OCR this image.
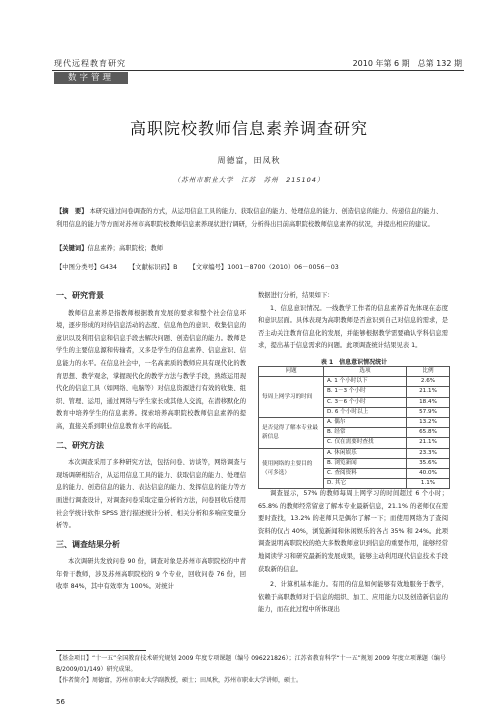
现代远程教育研究	2010 年第 6 期　总第 132 期
数字管理
高职院校教师信息素养调查研究
周德富，田凤秋
（苏州市职业大学　江苏　苏州　215104）
【摘　要】 本研究通过问卷调查的方式，从运用信息工具的能力、获取信息的能力、处理信息的能力、创造信息的能力、传递信息的能力、利用信息的能力等方面对苏州市高职院校教师信息素养现状进行调研，分析得出目前高职院校教师信息素养的状况，并提出相应的建议。
【关键词】信息素养；高职院校；教师
【中图分类号】G434 【文献标识码】B 【文章编号】1001－8700（2010）06－0056－03
一、研究背景

教师信息素养是指教师根据教育发展的要求和整个社会信息环境，逐步形成的对待信息活动的态度、信息角色的意识、收集信息的意识以及利用信息和信息手段去解决问题、创造信息的能力。教师是学生的主要信息源和传输者，又多是学生的信息素养、信息意识、信息能力的水平。在信息社会中，一名高素质的教师应具有现代化的教育思想、教学观念，掌握现代化的教学方法与教学手段，熟练运用现代化的信息工具（如网络、电脑等）对信息资源进行有效的收集、组织、管理、运用，通过网络与学生家长或其他人交流，在潜移默化的教育中培养学生的信息素养。探索培养高职院校教师信息素养的提高，直接关系到职业信息教育水平的高低。

二、研究方法

本次调查采用了多种研究方法，包括问卷、访谈等，网络调查与现场调研相结合，从运用信息工具的能力、获取信息的能力、处理信息的能力、创造信息的能力、表达信息的能力、发挥信息的能力等方面进行调查设计，对调查问卷采取定量分析的方法，问卷回收后使用社会学统计软件 SPSS 进行描述统计分析、相关分析和多响应变量分析等。

三、调查结果分析

本次调研共发放问卷 90 份，调查对象是苏州市高职院校的中青年骨干教师，涉及苏州高职院校的 9 个专业，回收问卷 76 份，回收率 84%，其中有效率为 100%。对统计

数据进行分析，结果如下：

1、信息意识情况。一线教学工作者的信息素养首先体现在态度和意识层面。具体表现为高职教师是否意识到自己对信息的需求，是否主动关注教育信息化的发展，并能够根据教学需要确认学科信息需求，提出基于信息需求的问题。此项调查统计结果见表 1。

表 1　信息意识情况统计
问题	选项	比例
每周上网学习的时间	A. 1 个小时以下	2.6%
	B. 1－3 个小时	21.1%
	C. 3－6 个小时	18.4%
	D. 6 个小时以上	57.9%
是否觉得了解本专业最新信息	A. 偶尔	13.2%
	B. 经常	65.8%
	C. 仅在需要时查找	21.1%
使用网络的主要目的（可多选）	A. 休闲娱乐	23.3%
	B. 浏览新闻	35.6%
	C. 查阅资料	40.0%
	D. 其它	1.1%

调查显示，57% 的教师每周上网学习的时间超过 6 个小时；65.8% 的教师经常留意了解本专业最新信息，21.1% 的老师仅在需要时查找，13.2% 的老师只是偶尔了解一下；而使用网络为了查阅资料的仅占 40%，浏览新闻和休闲娱乐的各占 35% 和 24%。此项调查说明高职院校的绝大多数教师意识到信息的重要作用，能够经常地阅读学习和研究最新的发展成果，能够主动利用现代信息技术手段获取新的信息。

2、计算机基本能力。有用的信息如何能够有效地服务于教学，依赖于高职教师对于信息的组织、加工、应用能力以及创造新信息的能力，而在此过程中所体现出

【基金项目】“十一五”全国教育技术研究规划 2009 年度专项课题（编号 096221826）；江苏省教育科学“十一五”规划 2009 年度立项课题（编号 B/2009/01/149）研究成果。
【作者简介】周德富，苏州市职业大学副教授，硕士；田凤秋，苏州市职业大学讲师，硕士。
56
